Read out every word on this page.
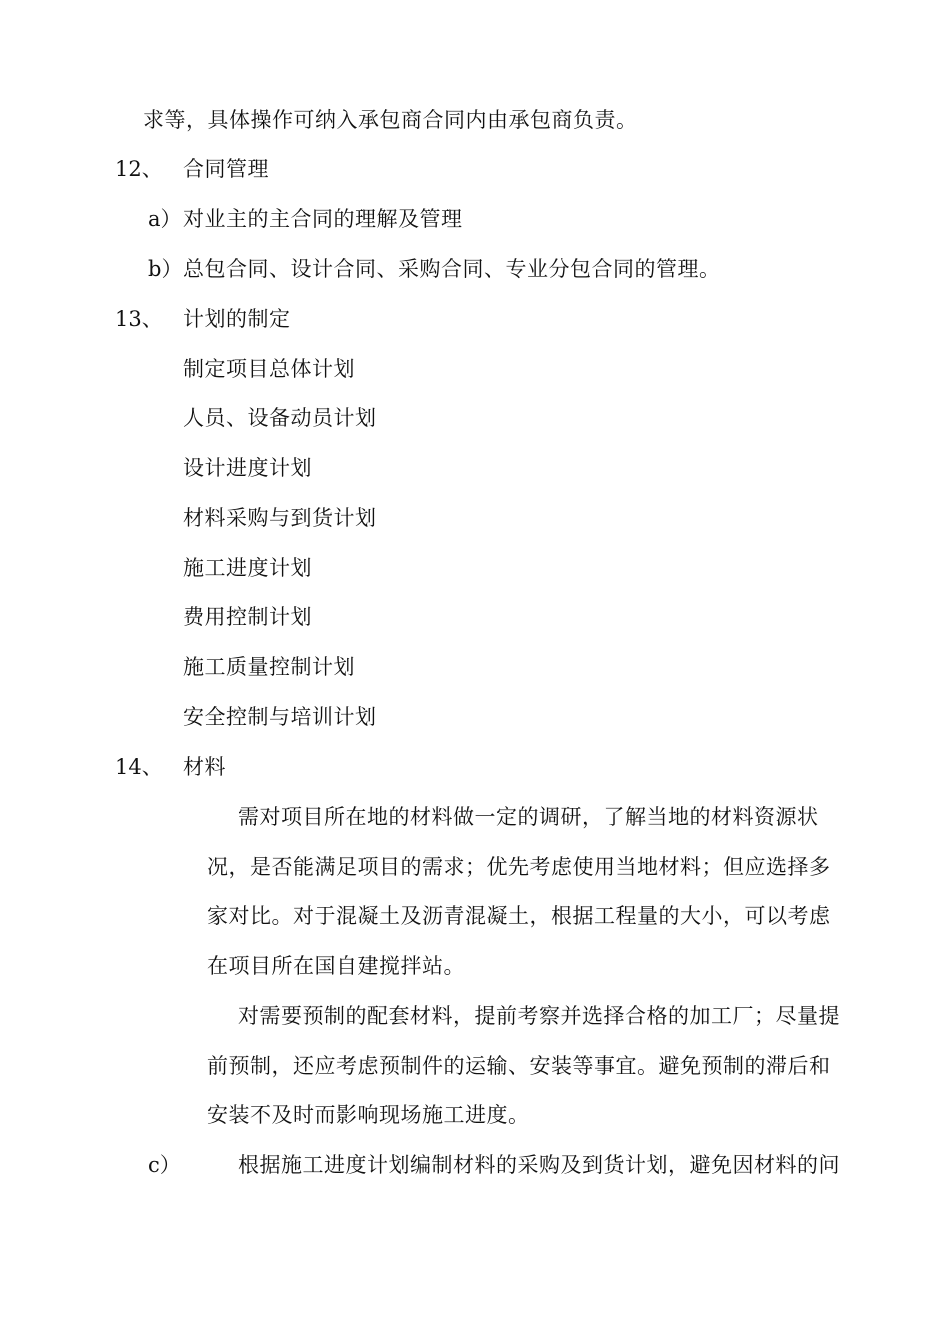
求等，具体操作可纳入承包商合同内由承包商负责。
12、 合同管理
a） 对业主的主合同的理解及管理
b） 总包合同、设计合同、采购合同、专业分包合同的管理。
13、 计划的制定
制定项目总体计划
人员、设备动员计划
设计进度计划
材料采购与到货计划
施工进度计划
费用控制计划
施工质量控制计划
安全控制与培训计划
14、 材料
需对项目所在地的材料做一定的调研，了解当地的材料资源状
况，是否能满足项目的需求；优先考虑使用当地材料；但应选择多
家对比。对于混凝土及沥青混凝土，根据工程量的大小，可以考虑
在项目所在国自建搅拌站。
对需要预制的配套材料，提前考察并选择合格的加工厂；尽量提
前预制，还应考虑预制件的运输、安装等事宜。避免预制的滞后和
安装不及时而影响现场施工进度。
c）	根据施工进度计划编制材料的采购及到货计划，避免因材料的问
